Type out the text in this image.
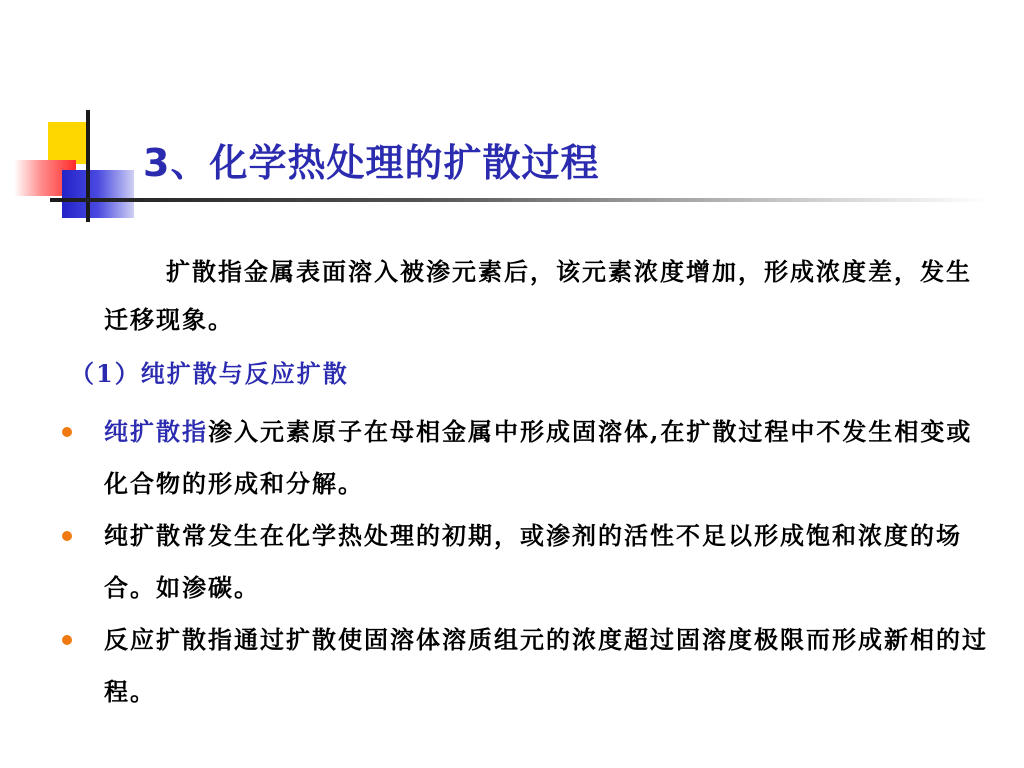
3、化学热处理的扩散过程
扩散指金属表面溶入被渗元素后，该元素浓度增加，形成浓度差，发生迁移现象。
（1）纯扩散与反应扩散
纯扩散指渗入元素原子在母相金属中形成固溶体,在扩散过程中不发生相变或化合物的形成和分解。
纯扩散常发生在化学热处理的初期，或渗剂的活性不足以形成饱和浓度的场合。如渗碳。
反应扩散指通过扩散使固溶体溶质组元的浓度超过固溶度极限而形成新相的过程。
